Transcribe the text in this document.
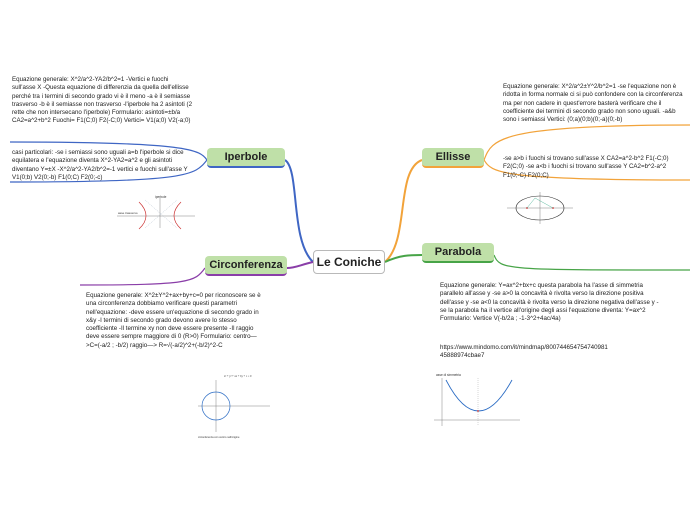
Le Coniche
Iperbole	Ellisse
Parabola
Circonferenza

Equazione generale: X^2/a^2-YA2/b^2=1 -Vertici e fuochi sull'asse X -Questa equazione di differenzia da quella dell'ellisse perché tra i termini di secondo grado vi è il meno -a è il semiasse trasverso -b è il semiasse non trasverso -l'iperbole ha 2 asintoti (2 rette che non intersecano l'iperbole) Formulario: asintoti=±b/a CA2=a^2+b^2 Fuochi= F1(C;0) F2(-C;0) Vertici= V1(a;0) V2(-a;0)

casi particolari: -se i semiassi sono uguali a=b l'iperbole si dice equilatera e l'equazione diventa X^2-YA2=a^2 e gli asintoti diventano Y=±X -X^2/a^2-YA2/b^2=-1 vertici e fuochi sull'asse Y V1(0;b) V2(0;-b) F1(0;C) F2(0;-c)

Equazione generale: X^2/a^2±Y^2/b^2=1 -se l'equazione non è ridotta in forma normale ci si può confondere con la circonferenza ma per non cadere in quest'errore basterà verificare che il coefficiente dei termini di secondo grado non sono uguali. -a&b sono i semiassi Vertici: (0;a)(0;b)(0;-a)(0;-b)

-se a>b i fuochi si trovano sull'asse X CA2=a^2-b^2 F1(-C;0) F2(C;0) -se a<b i fuochi si trovano sull'asse Y CA2=b^2-a^2 F1(0;-C) F2(0;C)

Equazione generale: Y=ax^2+bx+c questa parabola ha l'asse di simmetria parallelo all'asse y -se a>0 la concavità è rivolta verso la direzione positiva dell'asse y -se a<0 la concavità è rivolta verso la direzione negativa dell'asse y -se la parabola ha il vertice all'origine degli assi l'equazione diventa: Y=ax^2 Formulario: Vertice V(-b/2a ; -1-3^2+4ac/4a)

https://www.mindomo.com/it/mindmap/80074465475474098145888974cbae7

Equazione generale: X^2±Y^2+ax+by+c=0 per riconoscere se è una circonferenza dobbiamo verificare questi parametri nell'equazione: -deve essere un'equazione di secondo grado in x&y -I termini di secondo grado devono avere lo stesso coefficiente -Il termine xy non deve essere presente -Il raggio deve essere sempre maggiore di 0 (R>0) Formulario: centro—>C=(-a/2 ; -b/2) raggio—> R=√(-a/2)^2+(-b/2)^2-C

iperbole
asse trasverso
asse di simmetria
x² + y² + ax + by + c = 0
circonferenza con centro nell'origine
